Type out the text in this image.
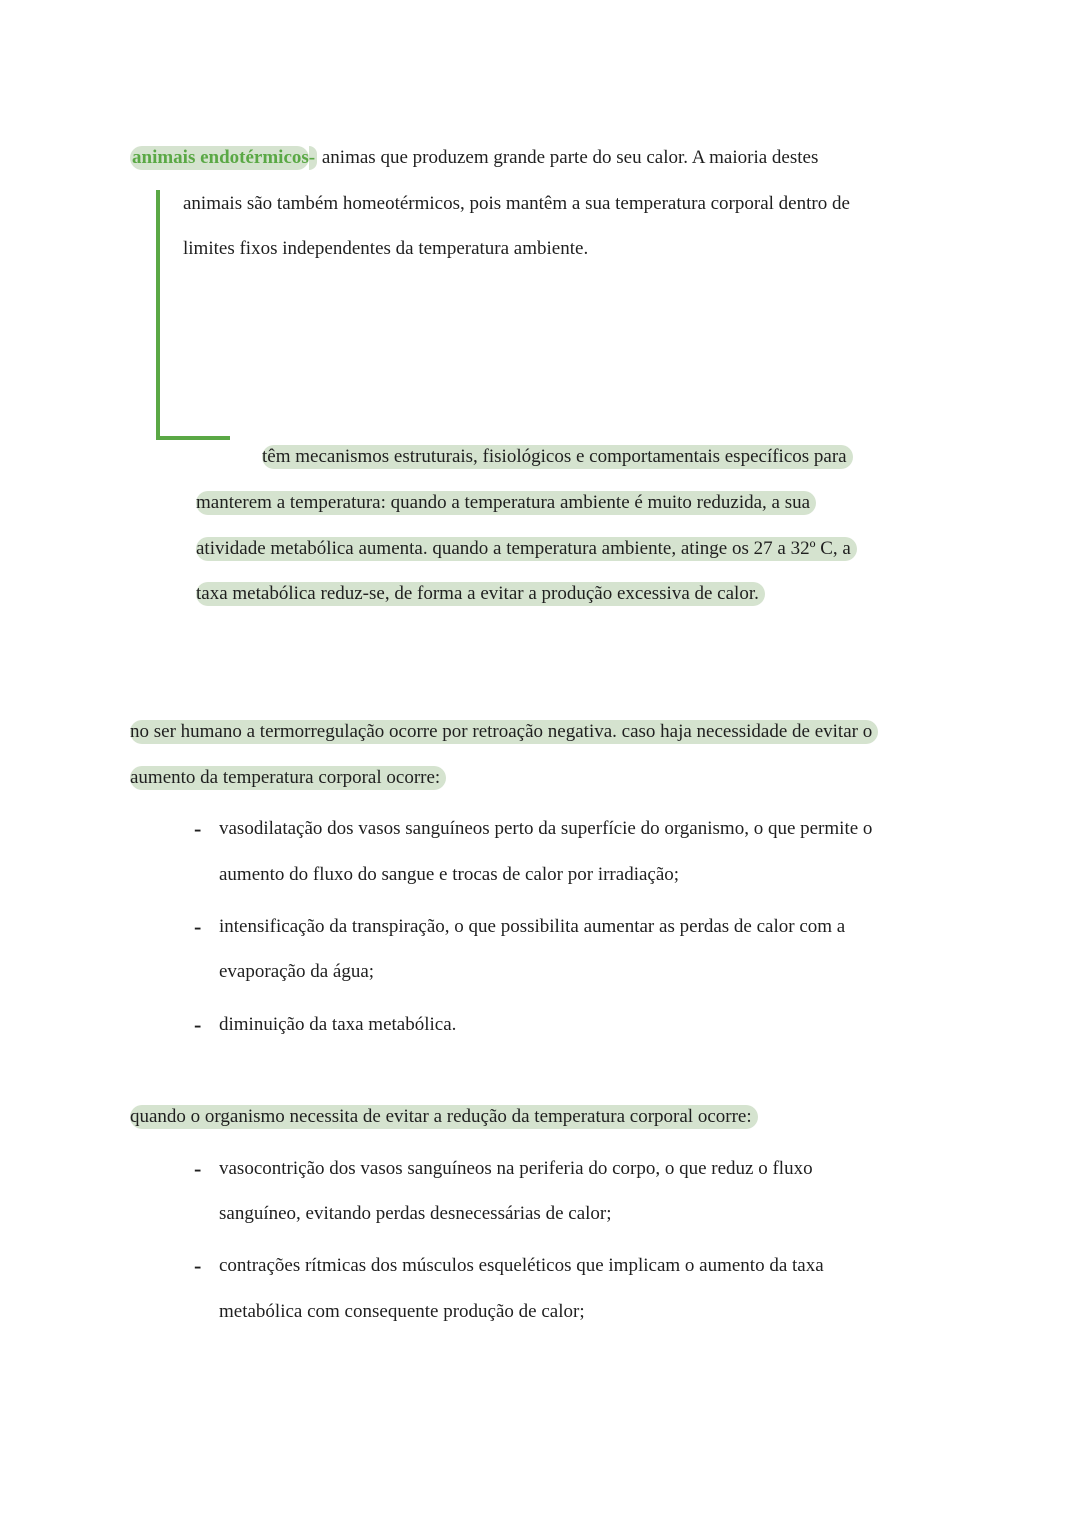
animais endotérmicos- animas que produzem grande parte do seu calor. A maioria destes

animais são também homeotérmicos, pois mantêm a sua temperatura corporal dentro de

limites fixos independentes da temperatura ambiente.

têm mecanismos estruturais, fisiológicos e comportamentais específicos para

manterem a temperatura: quando a temperatura ambiente é muito reduzida, a sua

atividade metabólica aumenta. quando a temperatura ambiente, atinge os 27 a 32º C, a

taxa metabólica reduz-se, de forma a evitar a produção excessiva de calor.

no ser humano a termorregulação ocorre por retroação negativa. caso haja necessidade de evitar o

aumento da temperatura corporal ocorre:

- vasodilatação dos vasos sanguíneos perto da superfície do organismo, o que permite o

aumento do fluxo do sangue e trocas de calor por irradiação;

- intensificação da transpiração, o que possibilita aumentar as perdas de calor com a

evaporação da água;

- diminuição da taxa metabólica.

quando o organismo necessita de evitar a redução da temperatura corporal ocorre:

- vasocontrição dos vasos sanguíneos na periferia do corpo, o que reduz o fluxo

sanguíneo, evitando perdas desnecessárias de calor;

- contrações rítmicas dos músculos esqueléticos que implicam o aumento da taxa

metabólica com consequente produção de calor;
